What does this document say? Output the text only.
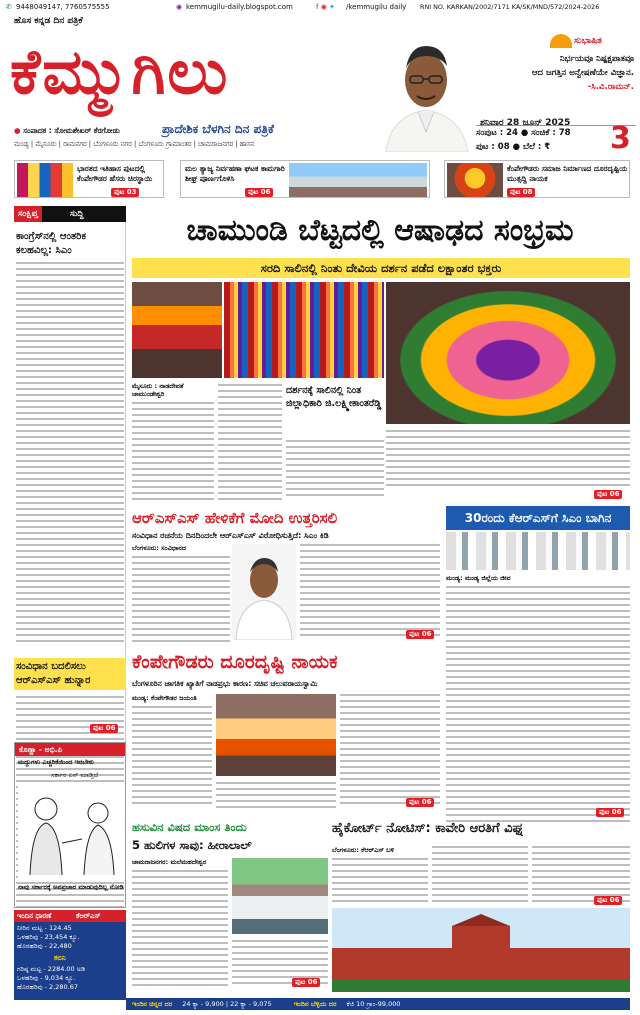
✆ 9448049147, 7760575555	◉ kemmugilu-daily.blogspot.com	f ◉ ✦ /kemmugilu daily RNI NO. KARKAN/2002/7171 KA/SK/MND/572/2024-2026
ಹೊಸ ಕನ್ನಡ ದಿನ ಪತ್ರಿಕೆ
ಕೆಮ್ಮುಗಿಲು
● ಸಂಪಾದಕ : ಸೋಮಶೇಖರ್ ಕೆರಗೋಡು	ಪ್ರಾದೇಶಿಕ ಬೆಳಗಿನ ದಿನ ಪತ್ರಿಕೆ
ಮಂಡ್ಯ | ಮೈಸೂರು | ರಾಮನಗರ | ಬೆಂಗಳೂರು ನಗರ | ಬೆಂಗಳೂರು ಗ್ರಾಮಾಂತರ | ಚಾಮರಾಜನಗರ | ಹಾಸನ
ಸುಭಾಷಿತ
ನಿರ್ಭಯವೂ ನಿಷ್ಪಕ್ಷಪಾತವೂ
ಆದ ಜಗತ್ತಿನ ಅನ್ವೇಷಣೆಯೇ ವಿಜ್ಞಾನ.
-ಸಿ.ವಿ.ರಾಮನ್.
ಶನಿವಾರ 28 ಜೂನ್ 2025
ಸಂಪುಟ : 24 ● ಸಂಚಿಕೆ : 78
ಪುಟ : 08 ● ಬೆಲೆ : ₹	3
ಭಾರತದ ಇತಿಹಾಸ ಪುಟದಲ್ಲಿ ಕೆಂಪೇಗೌಡರ ಹೆಸರು ಚಿರಸ್ಥಾಯಿ
ಪುಟ 03
ಮಲ ತ್ಯಾಜ್ಯ ನಿರ್ವಹಣಾ ಘಟಕ ಕಾಮಗಾರಿ ಶೀಘ್ರ ಪೂರ್ಣಗೊಳಿಸಿ
ಪುಟ 06
ಕೆಂಪೇಗೌಡರು ಸಮಾಜ ನಿರ್ಮಾಣದ ದೂರದೃಷ್ಟಿಯ ಮುತ್ಸದ್ದಿ ನಾಯಕ
ಪುಟ 08
ಸಂಕ್ಷಿಪ್ತ	ಸುದ್ದಿ
ಕಾಂಗ್ರೆಸ್‌ನಲ್ಲಿ ಆಂತರಿಕ ಕಲಹವಿಲ್ಲ: ಸಿಎಂ
ಸಂವಿಧಾನ ಬದಲಿಸಲು ಆರ್‌ಎಸ್‌ಎಸ್ ಹುನ್ನಾರ
ಪುಟ 06
ಕೊಣ್ಣಾ - ಅಭಿ.ಪಿ
ಮದ್ದುಗಳು ಎಚ್ಚರಿಕೆಯಿಂದ ಇರಬೇಕು
ಸರ್ಕಾರ ಏನ್ ಮಾಡ್ತಿದೆ
ನಾವು ಸರ್ಕಾರಕ್ಕೆ ಅಪಪ್ರಚಾರ ಮಾಡುವುದಿಲ್ಲ ನೋಡಿ
ಇಂದಿನ ಧಾರಣೆ	ಕೆಆರ್‌ಎಸ್
ನೀರಿನ ಮಟ್ಟ - 124.45
ಒಳಹರಿವು - 23,454 ಕ್ಯೂ.
ಹೊರಹರಿವು - 22,480
ಕಬಿನಿ
ಗರಿಷ್ಠ ಮಟ್ಟ - 2284.00 ಅಡಿ
ಒಳಹರಿವು - 9,034 ಕ್ಯೂ.
ಹೊರಹರಿವು - 2,280.67
ಚಾಮುಂಡಿ ಬೆಟ್ಟದಲ್ಲಿ ಆಷಾಢದ ಸಂಭ್ರಮ
ಸರದಿ ಸಾಲಿನಲ್ಲಿ ನಿಂತು ದೇವಿಯ ದರ್ಶನ ಪಡೆದ ಲಕ್ಷಾಂತರ ಭಕ್ತರು
ಮೈಸೂರು : ನಾಡದೇವತೆ ಚಾಮುಂಡೇಶ್ವರಿ	ದರ್ಶನಕ್ಕೆ ಸಾಲಿನಲ್ಲಿ ನಿಂತ ಜಿಲ್ಲಾಧಿಕಾರಿ ಜಿ.ಲಕ್ಷ್ಮೀಕಾಂತರೆಡ್ಡಿ
ಪುಟ 06
ಆರ್‌ಎಸ್‌ಎಸ್ ಹೇಳಿಕೆಗೆ ಮೋದಿ ಉತ್ತರಿಸಲಿ
ಸಂವಿಧಾನ ರಚನೆಯ ದಿನದಿಂದಲೇ ಆರ್‌ಎಸ್‌ಎಸ್ ವಿರೋಧಿಸುತ್ತಿದೆ: ಸಿಎಂ ಕಿಡಿ
ಬೆಂಗಳೂರು: ಸಂವಿಧಾನದ
ಪುಟ 06
30ರಂದು ಕೆಆರ್‌ಎಸ್‌ಗೆ ಸಿಎಂ ಬಾಗಿನ
ಮಂಡ್ಯ: ಮಂಡ್ಯ ಜಿಲ್ಲೆಯ ಜೀವ
ಪುಟ 06
ಕೆಂಪೇಗೌಡರು ದೂರದೃಷ್ಟಿ ನಾಯಕ
ಬೆಂಗಳೂರಿನ ಜಾಗತಿಕ ಖ್ಯಾತಿಗೆ ನಾಡಪ್ರಭು ಕಾರಣ: ಸಚಿವ ಚಲುವರಾಯಸ್ವಾಮಿ
ಮಂಡ್ಯ: ಕೆಂಪೇಗೌಡರ ಜಯಂತಿ
ಪುಟ 06
ಹಸುವಿನ ವಿಷದ ಮಾಂಸ ತಿಂದು
5 ಹುಲಿಗಳ ಸಾವು: ಹೀರಾಲಾಲ್
ಚಾಮರಾಜನಗರ: ಮಲೆಮಹದೇಶ್ವರ
ಪುಟ 06
ಹೈಕೋರ್ಟ್ ನೋಟಿಸ್: ಕಾವೇರಿ ಆರತಿಗೆ ವಿಘ್ನ
ಬೆಂಗಳೂರು: ಕೆಆರ್‌ಎಸ್ ಬಳಿ
ಪುಟ 06
ಇಂದಿನ ಚಿನ್ನದ ದರ 24 ಕ್ಯಾ - 9,900 | 22 ಕ್ಯಾ - 9,075	ಇಂದಿನ ಬೆಳ್ಳಿಯ ದರ ಕೆಜಿ 10 ಗ್ರಾಂ-99,000
